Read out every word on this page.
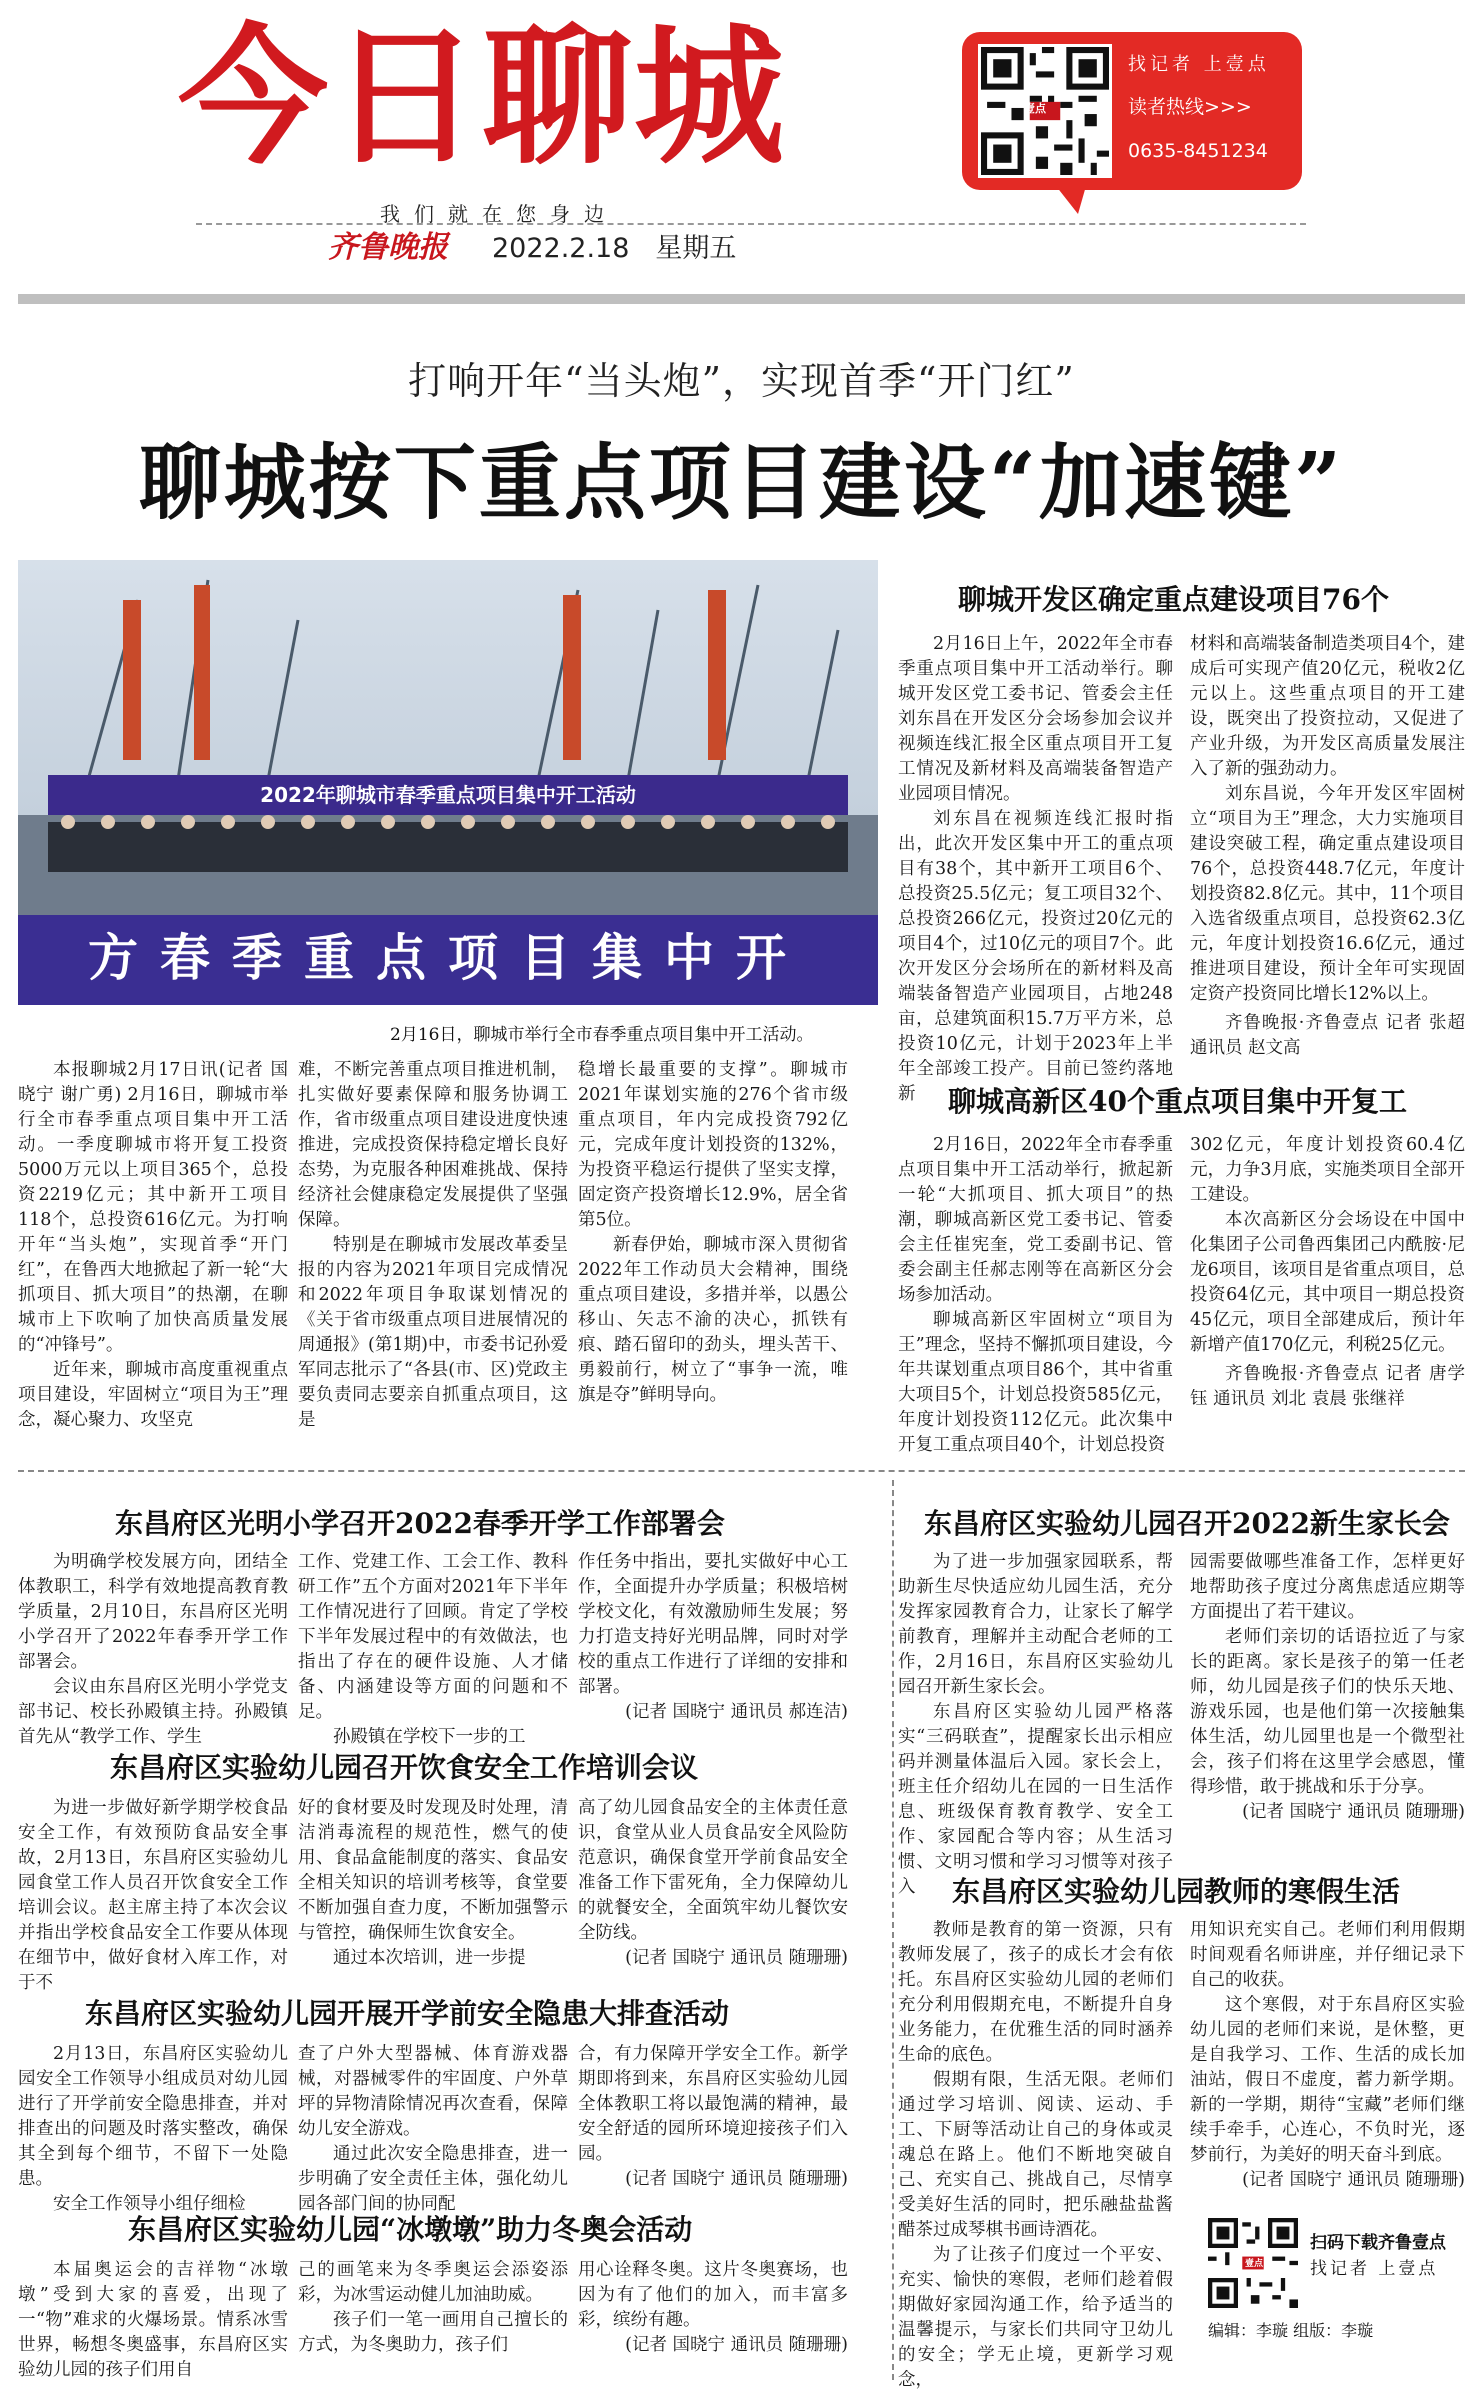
今日聊城	壹点
找记者 上壹点
读者热线>>>
0635-8451234
我们就在您身边
齐鲁晚报 2022.2.18 星期五
打响开年“当头炮”，实现首季“开门红”
聊城按下重点项目建设“加速键”
2022年聊城市春季重点项目集中开工活动
方春季重点项目集中开
2月16日，聊城市举行全市春季重点项目集中开工活动。

本报聊城2月17日讯(记者 国晓宁 谢广勇) 2月16日，聊城市举行全市春季重点项目集中开工活动。一季度聊城市将开复工投资5000万元以上项目365个，总投资2219亿元；其中新开工项目118个，总投资616亿元。为打响开年“当头炮”，实现首季“开门红”，在鲁西大地掀起了新一轮“大抓项目、抓大项目”的热潮，在聊城市上下吹响了加快高质量发展的“冲锋号”。

近年来，聊城市高度重视重点项目建设，牢固树立“项目为王”理念，凝心聚力、攻坚克

难，不断完善重点项目推进机制，扎实做好要素保障和服务协调工作，省市级重点项目建设进度快速推进，完成投资保持稳定增长良好态势，为克服各种困难挑战、保持经济社会健康稳定发展提供了坚强保障。

特别是在聊城市发展改革委呈报的内容为2021年项目完成情况和2022年项目争取谋划情况的《关于省市级重点项目进展情况的周通报》(第1期)中，市委书记孙爱军同志批示了“各县(市、区)党政主要负责同志要亲自抓重点项目，这是

稳增长最重要的支撑”。聊城市2021年谋划实施的276个省市级重点项目，年内完成投资792亿元，完成年度计划投资的132%，为投资平稳运行提供了坚实支撑，固定资产投资增长12.9%，居全省第5位。

新春伊始，聊城市深入贯彻省2022年工作动员大会精神，围绕重点项目建设，多措并举，以愚公移山、矢志不渝的决心，抓铁有痕、踏石留印的劲头，埋头苦干、勇毅前行，树立了“事争一流，唯旗是夺”鲜明导向。

聊城开发区确定重点建设项目76个

2月16日上午，2022年全市春季重点项目集中开工活动举行。聊城开发区党工委书记、管委会主任刘东昌在开发区分会场参加会议并视频连线汇报全区重点项目开工复工情况及新材料及高端装备智造产业园项目情况。

刘东昌在视频连线汇报时指出，此次开发区集中开工的重点项目有38个，其中新开工项目6个、总投资25.5亿元；复工项目32个、总投资266亿元，投资过20亿元的项目4个，过10亿元的项目7个。此次开发区分会场所在的新材料及高端装备智造产业园项目，占地248亩，总建筑面积15.7万平方米，总投资10亿元，计划于2023年上半年全部竣工投产。目前已签约落地新

材料和高端装备制造类项目4个，建成后可实现产值20亿元，税收2亿元以上。这些重点项目的开工建设，既突出了投资拉动，又促进了产业升级，为开发区高质量发展注入了新的强劲动力。

刘东昌说，今年开发区牢固树立“项目为王”理念，大力实施项目建设突破工程，确定重点建设项目76个，总投资448.7亿元，年度计划投资82.8亿元。其中，11个项目入选省级重点项目，总投资62.3亿元，年度计划投资16.6亿元，通过推进项目建设，预计全年可实现固定资产投资同比增长12%以上。

齐鲁晚报·齐鲁壹点 记者 张超 通讯员 赵文高

聊城高新区40个重点项目集中开复工

2月16日，2022年全市春季重点项目集中开工活动举行，掀起新一轮“大抓项目、抓大项目”的热潮，聊城高新区党工委书记、管委会主任崔宪奎，党工委副书记、管委会副主任郝志刚等在高新区分会场参加活动。

聊城高新区牢固树立“项目为王”理念，坚持不懈抓项目建设，今年共谋划重点项目86个，其中省重大项目5个，计划总投资585亿元，年度计划投资112亿元。此次集中开复工重点项目40个，计划总投资

302亿元，年度计划投资60.4亿元，力争3月底，实施类项目全部开工建设。

本次高新区分会场设在中国中化集团子公司鲁西集团己内酰胺·尼龙6项目，该项目是省重点项目，总投资64亿元，其中项目一期总投资45亿元，项目全部建成后，预计年新增产值170亿元，利税25亿元。

齐鲁晚报·齐鲁壹点 记者 唐学钰 通讯员 刘北 袁晨 张继祥

东昌府区光明小学召开2022春季开学工作部署会

为明确学校发展方向，团结全体教职工，科学有效地提高教育教学质量，2月10日，东昌府区光明小学召开了2022年春季开学工作部署会。

会议由东昌府区光明小学党支部书记、校长孙殿镇主持。孙殿镇首先从“教学工作、学生

工作、党建工作、工会工作、教科研工作”五个方面对2021年下半年工作情况进行了回顾。肯定了学校下半年发展过程中的有效做法，也指出了存在的硬件设施、人才储备、内涵建设等方面的问题和不足。

孙殿镇在学校下一步的工

作任务中指出，要扎实做好中心工作，全面提升办学质量；积极培树学校文化，有效激励师生发展；努力打造支持好光明品牌，同时对学校的重点工作进行了详细的安排和部署。

(记者 国晓宁 通讯员 郝连洁)

东昌府区实验幼儿园召开饮食安全工作培训会议

为进一步做好新学期学校食品安全工作，有效预防食品安全事故，2月13日，东昌府区实验幼儿园食堂工作人员召开饮食安全工作培训会议。赵主席主持了本次会议并指出学校食品安全工作要从体现在细节中，做好食材入库工作，对于不

好的食材要及时发现及时处理，清洁消毒流程的规范性，燃气的使用、食品盒能制度的落实、食品安全相关知识的培训考核等，食堂要不断加强自查力度，不断加强警示与管控，确保师生饮食安全。

通过本次培训，进一步提

高了幼儿园食品安全的主体责任意识，食堂从业人员食品安全风险防范意识，确保食堂开学前食品安全准备工作下雷死角，全力保障幼儿的就餐安全，全面筑牢幼儿餐饮安全防线。

(记者 国晓宁 通讯员 随珊珊)

东昌府区实验幼儿园开展开学前安全隐患大排查活动

2月13日，东昌府区实验幼儿园安全工作领导小组成员对幼儿园进行了开学前安全隐患排查，并对排查出的问题及时落实整改，确保其全到每个细节，不留下一处隐患。

安全工作领导小组仔细检

查了户外大型器械、体育游戏器械，对器械零件的牢固度、户外草坪的异物清除情况再次查看，保障幼儿安全游戏。

通过此次安全隐患排查，进一步明确了安全责任主体，强化幼儿园各部门间的协同配

合，有力保障开学安全工作。新学期即将到来，东昌府区实验幼儿园全体教职工将以最饱满的精神，最安全舒适的园所环境迎接孩子们入园。

(记者 国晓宁 通讯员 随珊珊)

东昌府区实验幼儿园“冰墩墩”助力冬奥会活动

本届奥运会的吉祥物“冰墩墩”受到大家的喜爱，出现了一“物”难求的火爆场景。情系冰雪世界，畅想冬奥盛事，东昌府区实验幼儿园的孩子们用自

己的画笔来为冬季奥运会添姿添彩，为冰雪运动健儿加油助威。

孩子们一笔一画用自己擅长的方式，为冬奥助力，孩子们

用心诠释冬奥。这片冬奥赛场，也因为有了他们的加入，而丰富多彩，缤纷有趣。

(记者 国晓宁 通讯员 随珊珊)

东昌府区实验幼儿园召开2022新生家长会

为了进一步加强家园联系，帮助新生尽快适应幼儿园生活，充分发挥家园教育合力，让家长了解学前教育，理解并主动配合老师的工作，2月16日，东昌府区实验幼儿园召开新生家长会。

东昌府区实验幼儿园严格落实“三码联查”，提醒家长出示相应码并测量体温后入园。家长会上，班主任介绍幼儿在园的一日生活作息、班级保育教育教学、安全工作、家园配合等内容；从生活习惯、文明习惯和学习习惯等对孩子入

园需要做哪些准备工作，怎样更好地帮助孩子度过分离焦虑适应期等方面提出了若干建议。

老师们亲切的话语拉近了与家长的距离。家长是孩子的第一任老师，幼儿园是孩子们的快乐天地、游戏乐园，也是他们第一次接触集体生活，幼儿园里也是一个微型社会，孩子们将在这里学会感恩，懂得珍惜，敢于挑战和乐于分享。

(记者 国晓宁 通讯员 随珊珊)

东昌府区实验幼儿园教师的寒假生活

教师是教育的第一资源，只有教师发展了，孩子的成长才会有依托。东昌府区实验幼儿园的老师们充分利用假期充电，不断提升自身业务能力，在优雅生活的同时涵养生命的底色。

假期有限，生活无限。老师们通过学习培训、阅读、运动、手工、下厨等活动让自己的身体或灵魂总在路上。他们不断地突破自己、充实自己、挑战自己，尽情享受美好生活的同时，把乐融盐盐酱醋茶过成琴棋书画诗酒花。

为了让孩子们度过一个平安、充实、愉快的寒假，老师们趁着假期做好家园沟通工作，给予适当的温馨提示，与家长们共同守卫幼儿的安全；学无止境，更新学习观念，

用知识充实自己。老师们利用假期时间观看名师讲座，并仔细记录下自己的收获。

这个寒假，对于东昌府区实验幼儿园的老师们来说，是休整，更是自我学习、工作、生活的成长加油站，假日不虚度，蓄力新学期。新的一学期，期待“宝藏”老师们继续手牵手，心连心，不负时光，逐梦前行，为美好的明天奋斗到底。

(记者 国晓宁 通讯员 随珊珊)

壹点
扫码下载齐鲁壹点
找记者 上壹点
编辑：李璇 组版：李璇
